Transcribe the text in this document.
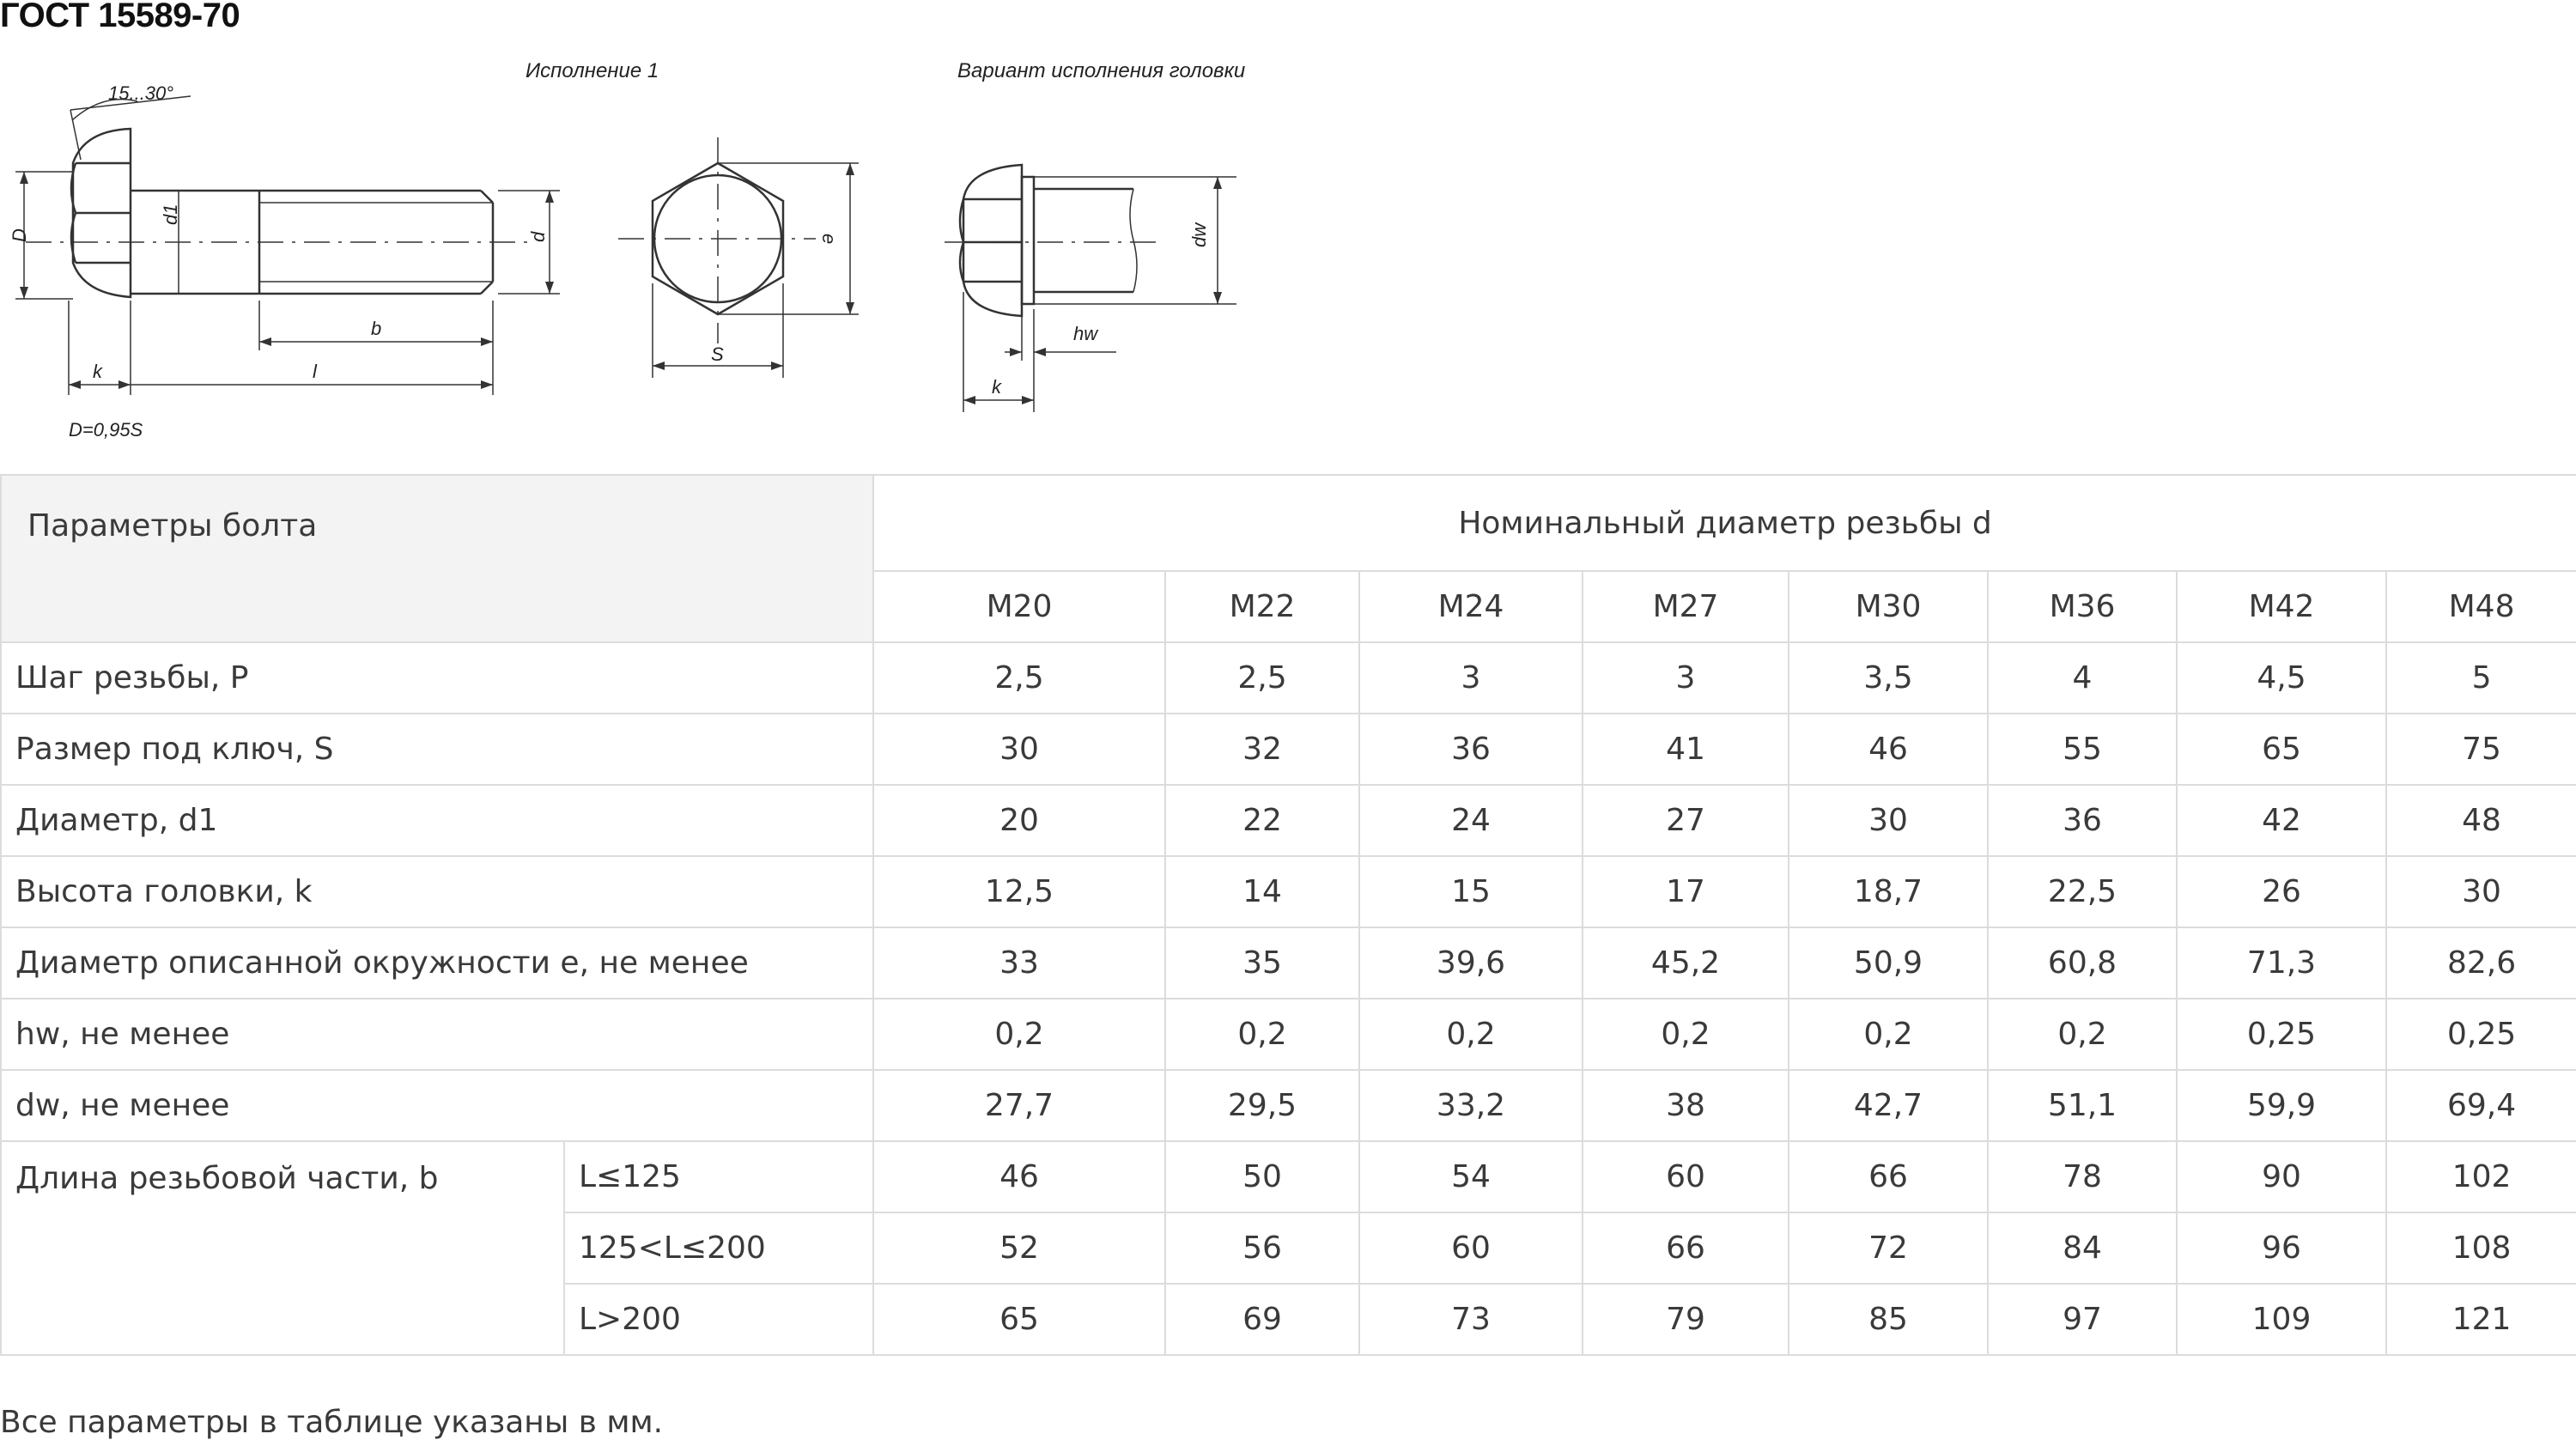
ГОСТ 15589-70
Исполнение 1	Вариант исполнения головки
15...30°
D
d1
d
b
l
k
e
S
dw
hw
k
D=0,95S
Параметры болта		Номинальный диаметр резьбы d							
		М20	М22	М24	М27	М30	М36	М42	М48
Шаг резьбы, Р		2,5	2,5	3	3	3,5	4	4,5	5
Размер под ключ, S		30	32	36	41	46	55	65	75
Диаметр, d1		20	22	24	27	30	36	42	48
Высота головки, k		12,5	14	15	17	18,7	22,5	26	30
Диаметр описанной окружности е, не менее		33	35	39,6	45,2	50,9	60,8	71,3	82,6
hw, не менее		0,2	0,2	0,2	0,2	0,2	0,2	0,25	0,25
dw, не менее		27,7	29,5	33,2	38	42,7	51,1	59,9	69,4
Длина резьбовой части, b	L≤125	46	50	54	60	66	78	90	102
	125<L≤200	52	56	60	66	72	84	96	108
	L>200	65	69	73	79	85	97	109	121
Все параметры в таблице указаны в мм.
